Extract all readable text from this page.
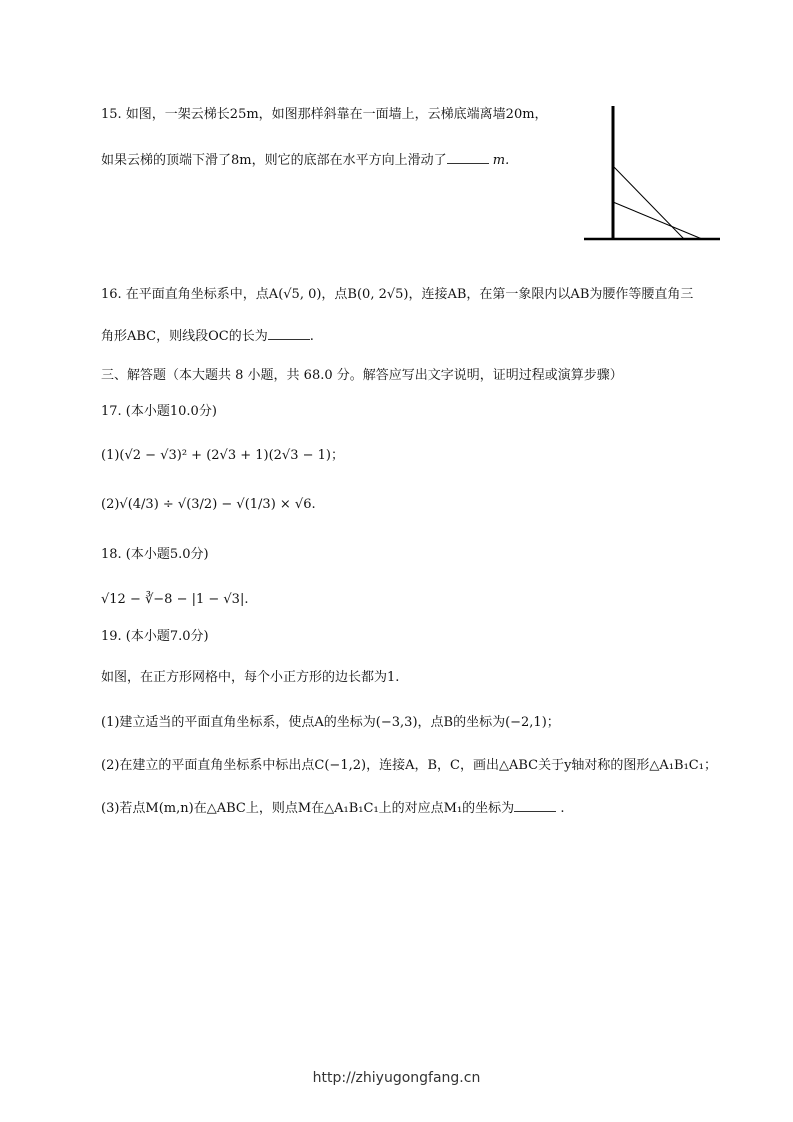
15. 如图，一架云梯长25m，如图那样斜靠在一面墙上，云梯底端离墙20m，
如果云梯的顶端下滑了8m，则它的底部在水平方向上滑动了	m.
16. 在平面直角坐标系中，点A(√5, 0)，点B(0, 2√5)，连接AB，在第一象限内以AB为腰作等腰直角三
角形ABC，则线段OC的长为	.
三、解答题（本大题共 8 小题，共 68.0 分。解答应写出文字说明，证明过程或演算步骤）
17. (本小题10.0分)
(1)(√2 − √3)² + (2√3 + 1)(2√3 − 1)；
(2)√(4/3) ÷ √(3/2) − √(1/3) × √6.
18. (本小题5.0分)
√12 − ∛−8 − |1 − √3|.
19. (本小题7.0分)
如图，在正方形网格中，每个小正方形的边长都为1.
(1)建立适当的平面直角坐标系，使点A的坐标为(−3,3)，点B的坐标为(−2,1)；
(2)在建立的平面直角坐标系中标出点C(−1,2)，连接A，B，C，画出△ABC关于y轴对称的图形△A₁B₁C₁；
(3)若点M(m,n)在△ABC上，则点M在△A₁B₁C₁上的对应点M₁的坐标为	.
http://zhiyugongfang.cn
